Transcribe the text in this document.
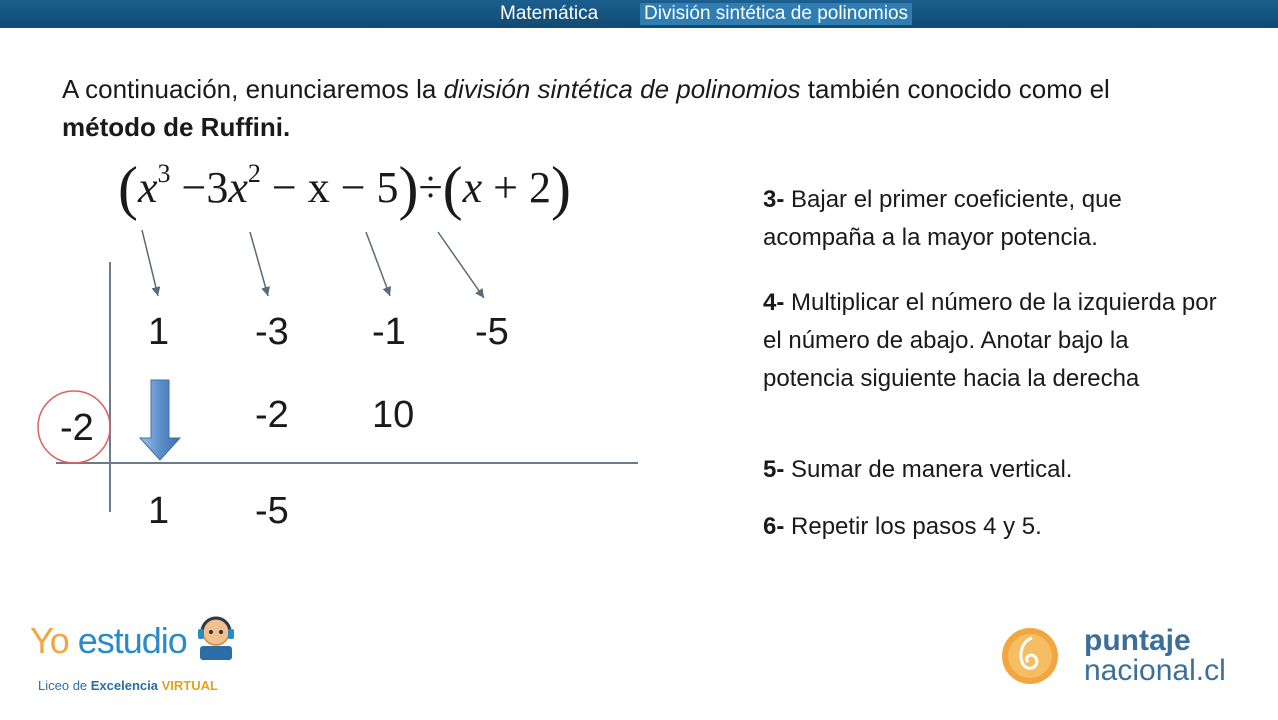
Matemática División sintética de polinomios
A continuación, enunciaremos la división sintética de polinomios también conocido como el método de Ruffini.
$(x^3 -3x^2 - x - 5)\div(x + 2)$
1 -3 -1 -5
-2 10
-2
1 -5
3- Bajar el primer coeficiente, que acompaña a la mayor potencia.
4- Multiplicar el número de la izquierda por el número de abajo. Anotar bajo la potencia siguiente hacia la derecha
5- Sumar de manera vertical.
6- Repetir los pasos 4 y 5.
Yo estudio
Liceo de Excelencia VIRTUAL
puntaje
nacional.cl
